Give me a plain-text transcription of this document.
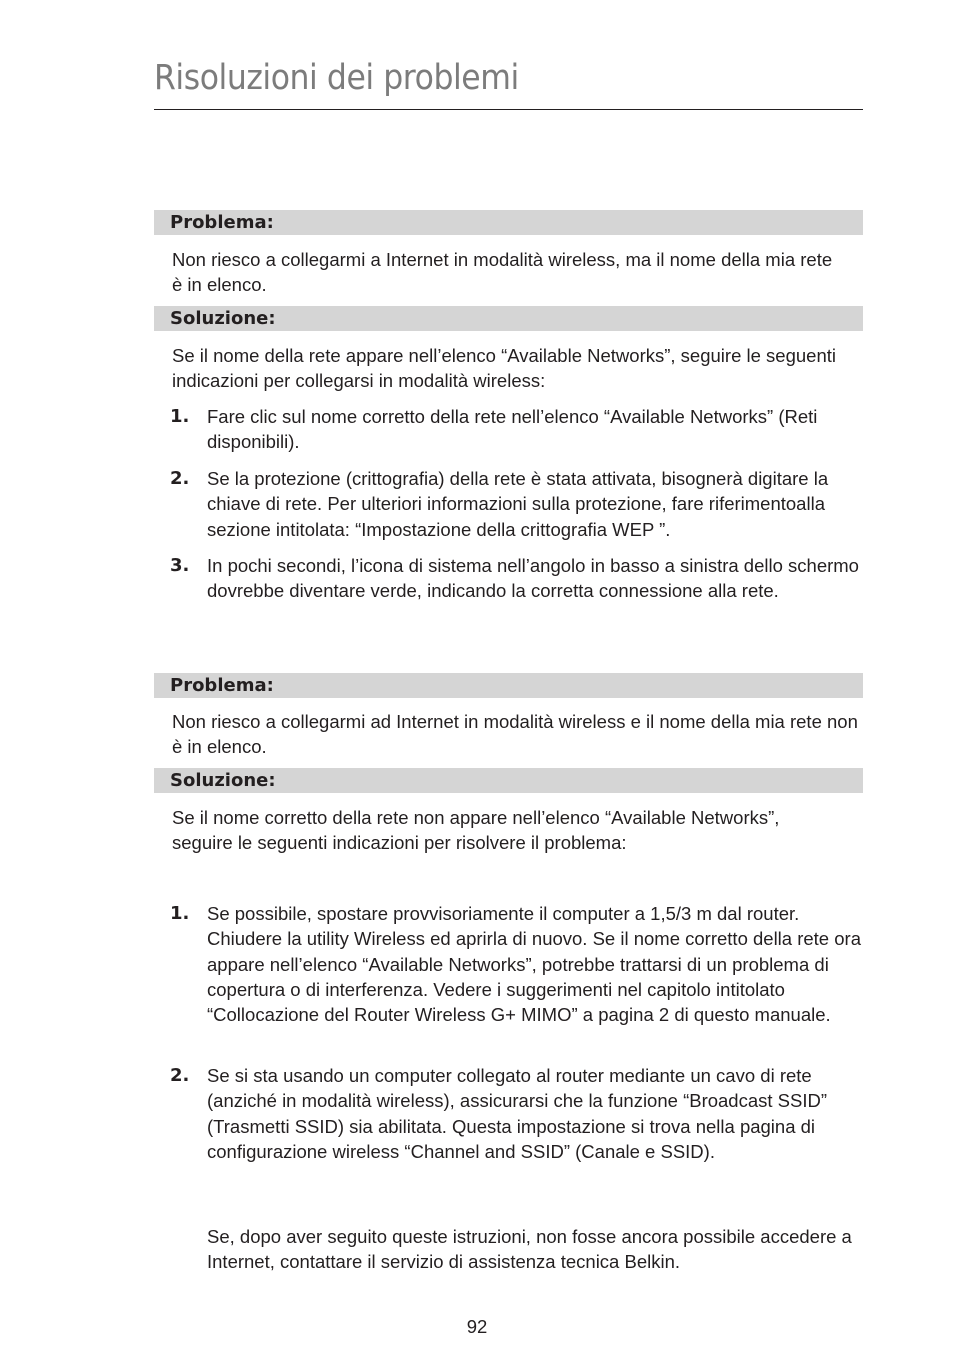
Risoluzioni dei problemi
Problema:

Non riesco a collegarmi a Internet in modalità wireless, ma il nome della mia rete è in elenco.

Soluzione:

Se il nome della rete appare nell’elenco “Available Networks”, seguire le seguenti indicazioni per collegarsi in modalità wireless:

1. Fare clic sul nome corretto della rete nell’elenco “Available Networks” (Reti disponibili).
2. Se la protezione (crittografia) della rete è stata attivata, bisognerà digitare la chiave di rete. Per ulteriori informazioni sulla protezione, fare riferimentoalla sezione intitolata: “Impostazione della crittografia WEP ”.
3. In pochi secondi, l’icona di sistema nell’angolo in basso a sinistra dello schermo dovrebbe diventare verde, indicando la corretta connessione alla rete.
Problema:

Non riesco a collegarmi ad Internet in modalità wireless e il nome della mia rete non è in elenco.

Soluzione:

Se il nome corretto della rete non appare nell’elenco “Available Networks”, seguire le seguenti indicazioni per risolvere il problema:

1. Se possibile, spostare provvisoriamente il computer a 1,5/3 m dal router. Chiudere la utility Wireless ed aprirla di nuovo. Se il nome corretto della rete ora appare nell’elenco “Available Networks”, potrebbe trattarsi di un problema di copertura o di interferenza. Vedere i suggerimenti nel capitolo intitolato “Collocazione del Router Wireless G+ MIMO” a pagina 2 di questo manuale.
2. Se si sta usando un computer collegato al router mediante un cavo di rete (anziché in modalità wireless), assicurarsi che la funzione “Broadcast SSID” (Trasmetti SSID) sia abilitata. Questa impostazione si trova nella pagina di configurazione wireless “Channel and SSID” (Canale e SSID).

Se, dopo aver seguito queste istruzioni, non fosse ancora possibile accedere a Internet, contattare il servizio di assistenza tecnica Belkin.

92
